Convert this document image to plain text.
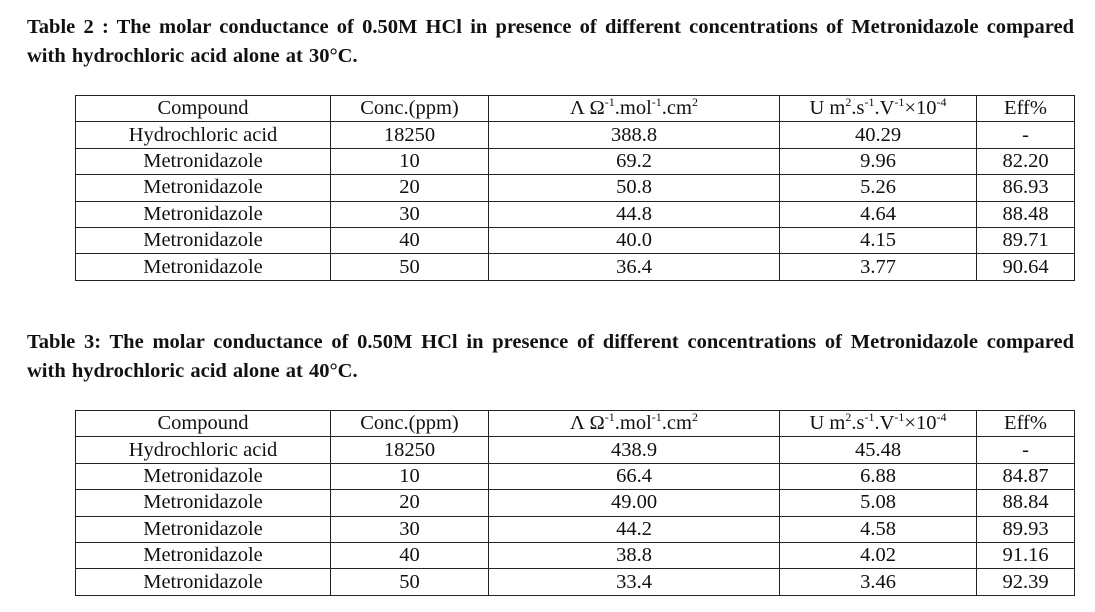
Table 2 : The molar conductance of 0.50M HCl in presence of different concentrations of Metronidazole compared with hydrochloric acid alone at 30°C.
Compound	Conc.(ppm)	Λ $\Omega^{-1}.mol^{-1}.cm^2$	U $m^2.s^{-1}.V^{-1}\times 10^{-4}$	Eff%
Hydrochloric acid	18250	388.8	40.29	-
Metronidazole	10	69.2	9.96	82.20
Metronidazole	20	50.8	5.26	86.93
Metronidazole	30	44.8	4.64	88.48
Metronidazole	40	40.0	4.15	89.71
Metronidazole	50	36.4	3.77	90.64
Table 3: The molar conductance of 0.50M HCl in presence of different concentrations of Metronidazole compared with hydrochloric acid alone at 40°C.
Compound	Conc.(ppm)	Λ $\Omega^{-1}.mol^{-1}.cm^2$	U $m^2.s^{-1}.V^{-1}\times 10^{-4}$	Eff%
Hydrochloric acid	18250	438.9	45.48	-
Metronidazole	10	66.4	6.88	84.87
Metronidazole	20	49.00	5.08	88.84
Metronidazole	30	44.2	4.58	89.93
Metronidazole	40	38.8	4.02	91.16
Metronidazole	50	33.4	3.46	92.39
